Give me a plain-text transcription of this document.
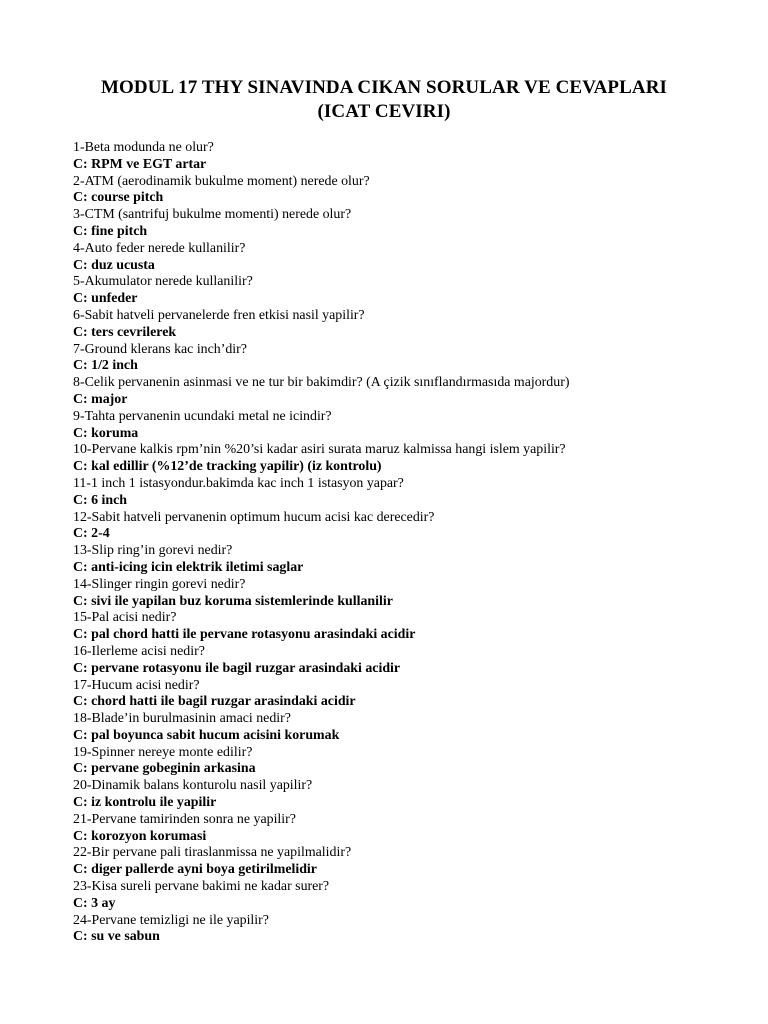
MODUL 17 THY SINAVINDA CIKAN SORULAR VE CEVAPLARI
(ICAT CEVIRI)
1-Beta modunda ne olur?
C: RPM ve EGT artar
2-ATM (aerodinamik bukulme moment) nerede olur?
C: course pitch
3-CTM (santrifuj bukulme momenti) nerede olur?
C: fine pitch
4-Auto feder nerede kullanilir?
C: duz ucusta
5-Akumulator nerede kullanilir?
C: unfeder
6-Sabit hatveli pervanelerde fren etkisi nasil yapilir?
C: ters cevrilerek
7-Ground klerans kac inch’dir?
C: 1/2 inch
8-Celik pervanenin asinmasi ve ne tur bir bakimdir? (A çizik sınıflandırmasıda majordur)
C: major
9-Tahta pervanenin ucundaki metal ne icindir?
C: koruma
10-Pervane kalkis rpm’nin %20’si kadar asiri surata maruz kalmissa hangi islem yapilir?
C: kal edillir (%12’de tracking yapilir) (iz kontrolu)
11-1 inch 1 istasyondur.bakimda kac inch 1 istasyon yapar?
C: 6 inch
12-Sabit hatveli pervanenin optimum hucum acisi kac derecedir?
C: 2-4
13-Slip ring’in gorevi nedir?
C: anti-icing icin elektrik iletimi saglar
14-Slinger ringin gorevi nedir?
C: sivi ile yapilan buz koruma sistemlerinde kullanilir
15-Pal acisi nedir?
C: pal chord hatti ile pervane rotasyonu arasindaki acidir
16-Ilerleme acisi nedir?
C: pervane rotasyonu ile bagil ruzgar arasindaki acidir
17-Hucum acisi nedir?
C: chord hatti ile bagil ruzgar arasindaki acidir
18-Blade’in burulmasinin amaci nedir?
C: pal boyunca sabit hucum acisini korumak
19-Spinner nereye monte edilir?
C: pervane gobeginin arkasina
20-Dinamik balans konturolu nasil yapilir?
C: iz kontrolu ile yapilir
21-Pervane tamirinden sonra ne yapilir?
C: korozyon korumasi
22-Bir pervane pali tiraslanmissa ne yapilmalidir?
C: diger pallerde ayni boya getirilmelidir
23-Kisa sureli pervane bakimi ne kadar surer?
C: 3 ay
24-Pervane temizligi ne ile yapilir?
C: su ve sabun
